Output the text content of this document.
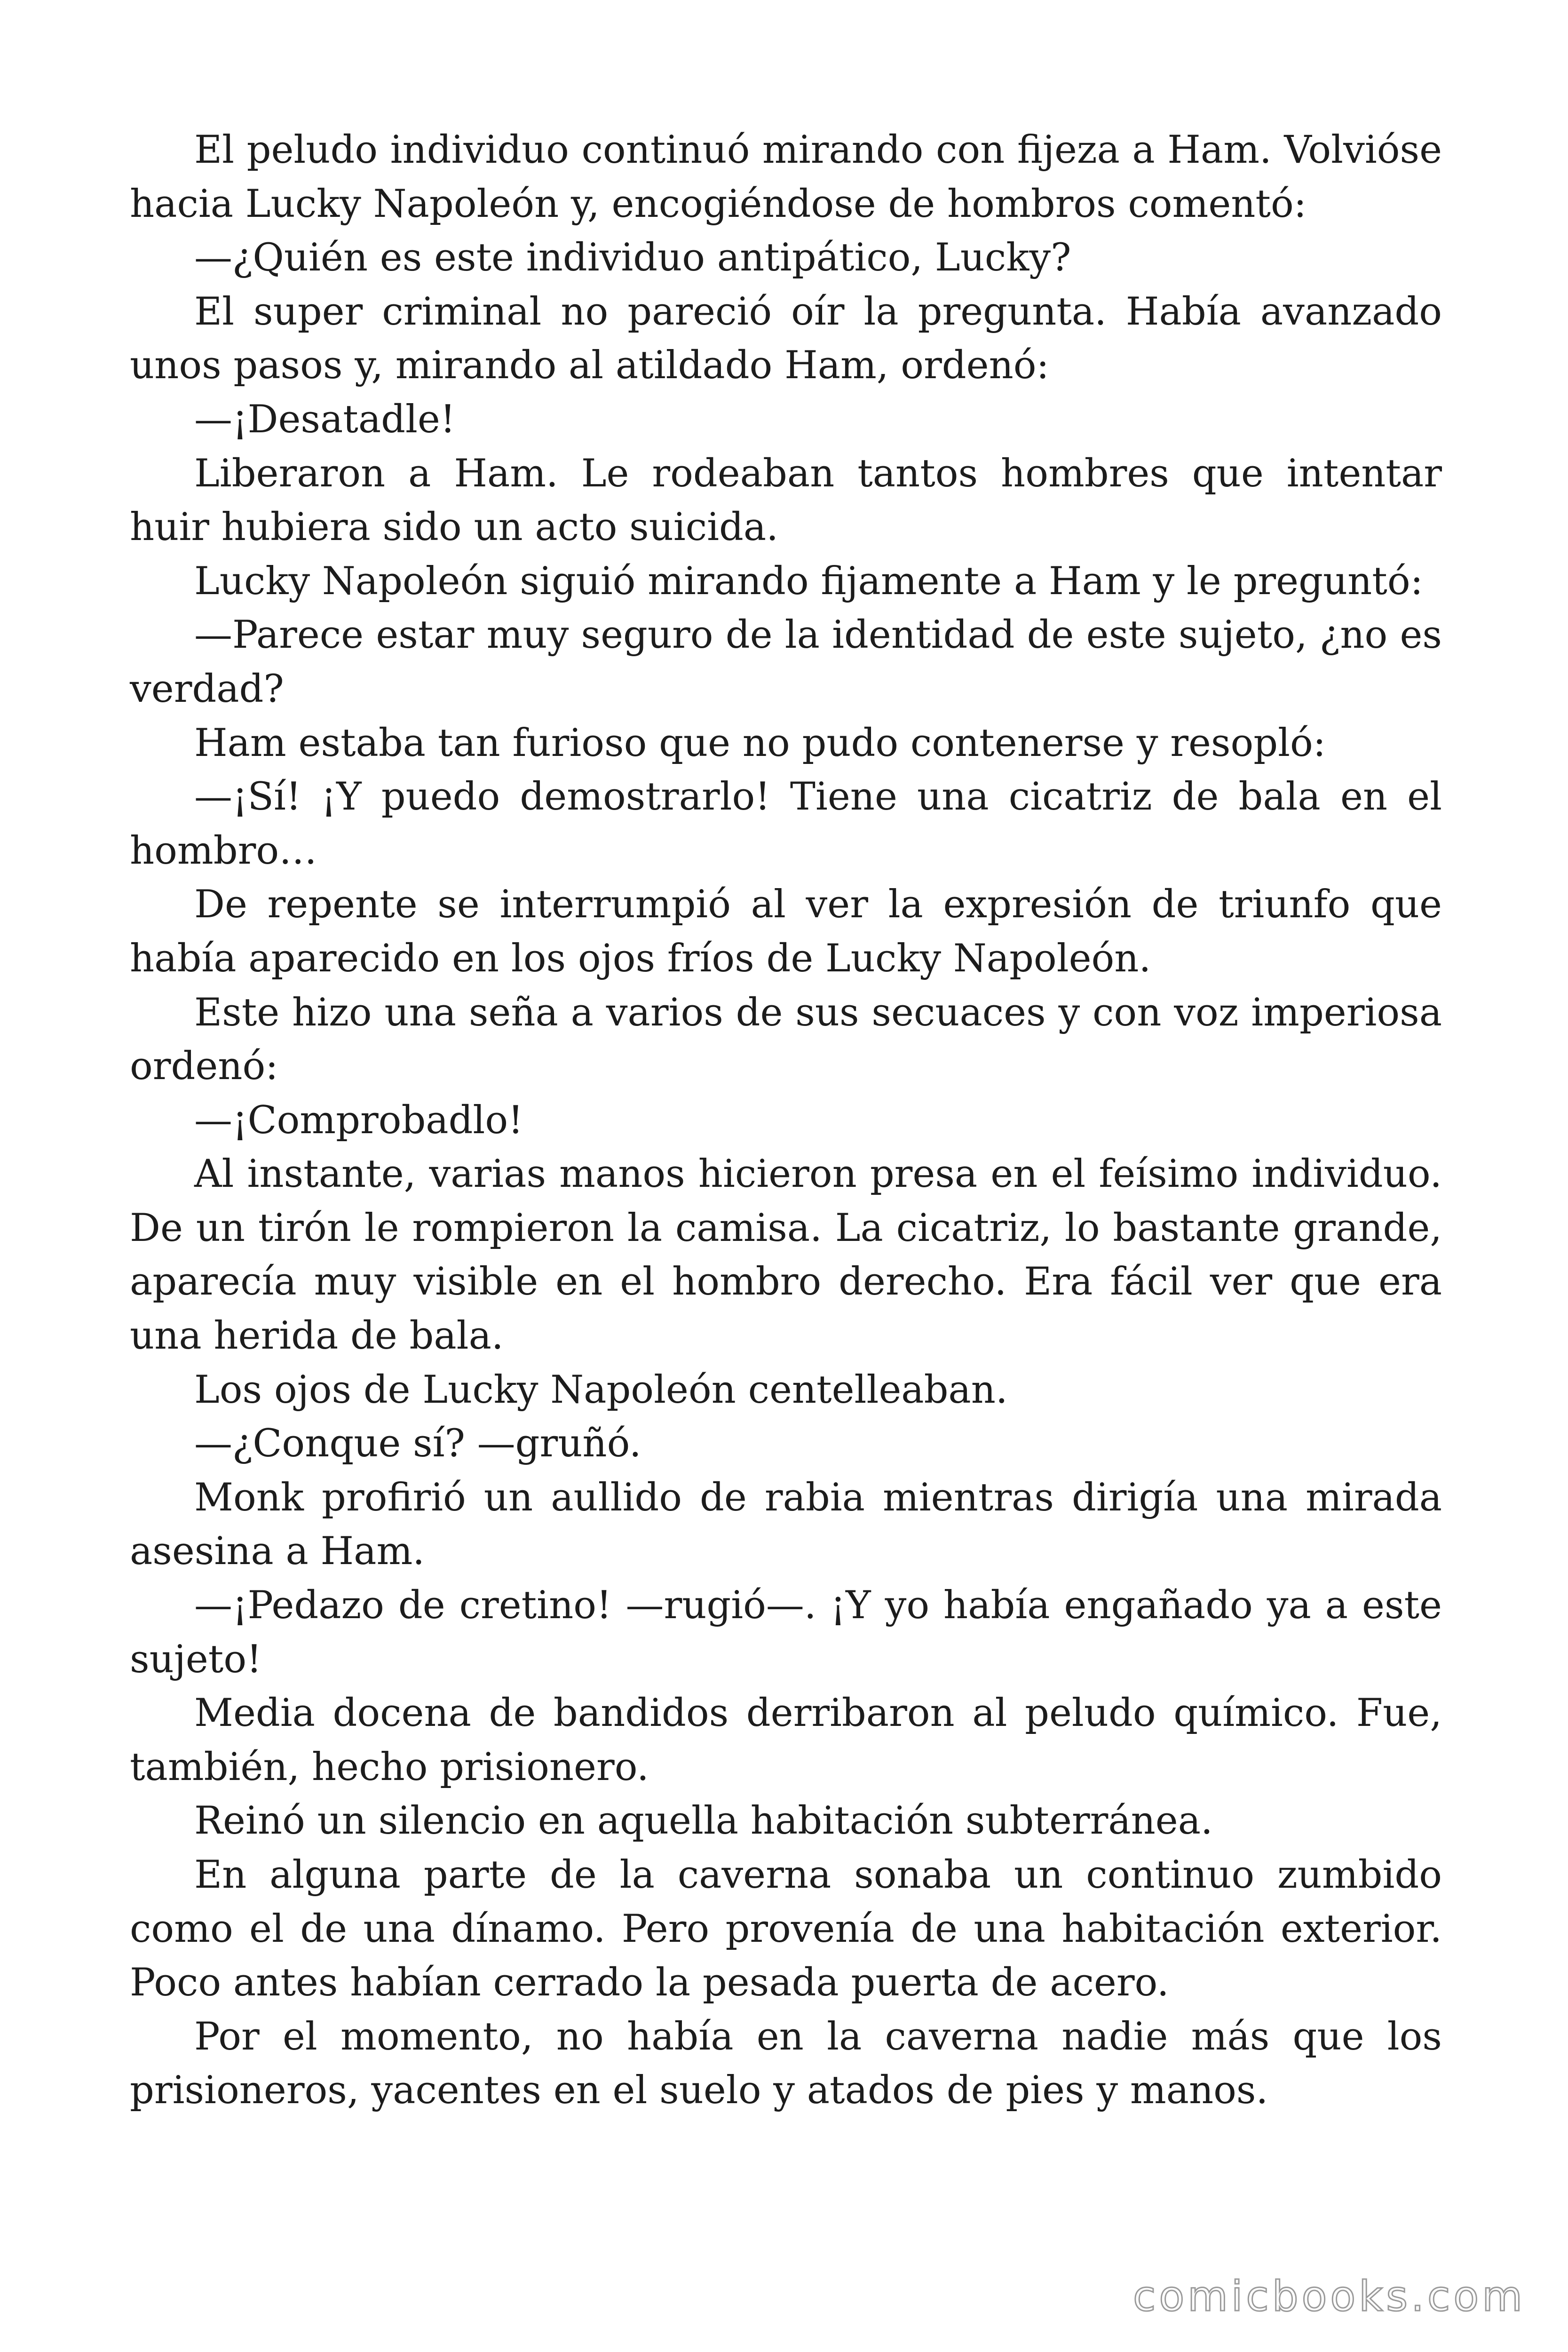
El peludo individuo continuó mirando con fijeza a Ham. Volvióse hacia Lucky Napoleón y, encogiéndose de hombros comentó:

—¿Quién es este individuo antipático, Lucky?

El super criminal no pareció oír la pregunta. Había avanzado unos pasos y, mirando al atildado Ham, ordenó:

—¡Desatadle!

Liberaron a Ham. Le rodeaban tantos hombres que intentar huir hubiera sido un acto suicida.

Lucky Napoleón siguió mirando fijamente a Ham y le preguntó:

—Parece estar muy seguro de la identidad de este sujeto, ¿no es verdad?

Ham estaba tan furioso que no pudo contenerse y resopló:

—¡Sí! ¡Y puedo demostrarlo! Tiene una cicatriz de bala en el hombro…

De repente se interrumpió al ver la expresión de triunfo que había aparecido en los ojos fríos de Lucky Napoleón.

Este hizo una seña a varios de sus secuaces y con voz imperiosa ordenó:

—¡Comprobadlo!

Al instante, varias manos hicieron presa en el feísimo individuo. De un tirón le rompieron la camisa. La cicatriz, lo bastante grande, aparecía muy visible en el hombro derecho. Era fácil ver que era una herida de bala.

Los ojos de Lucky Napoleón centelleaban.

—¿Conque sí? —gruñó.

Monk profirió un aullido de rabia mientras dirigía una mirada asesina a Ham.

—¡Pedazo de cretino! —rugió—. ¡Y yo había engañado ya a este sujeto!

Media docena de bandidos derribaron al peludo químico. Fue, también, hecho prisionero.

Reinó un silencio en aquella habitación subterránea.

En alguna parte de la caverna sonaba un continuo zumbido como el de una dínamo. Pero provenía de una habitación exterior. Poco antes habían cerrado la pesada puerta de acero.

Por el momento, no había en la caverna nadie más que los prisioneros, yacentes en el suelo y atados de pies y manos.

comicbooks.com
